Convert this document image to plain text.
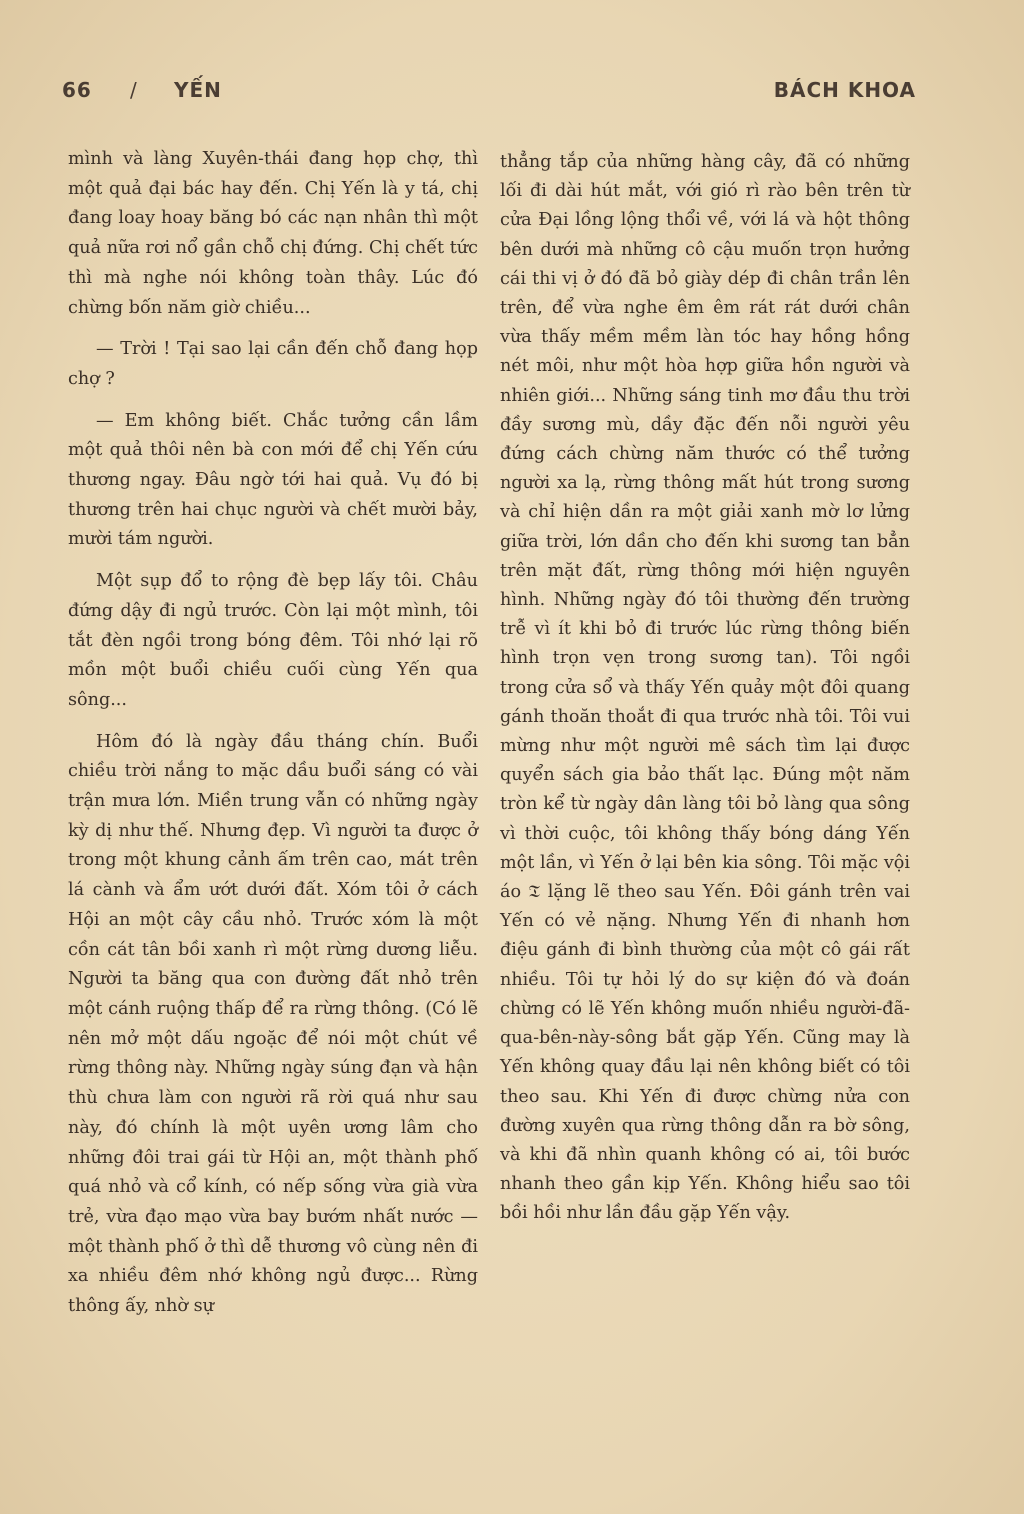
66 / YẾN	BÁCH KHOA

mình và làng Xuyên-thái đang họp chợ, thì một quả đại bác hay đến. Chị Yến là y tá, chị đang loay hoay băng bó các nạn nhân thì một quả nữa rơi nổ gần chỗ chị đứng. Chị chết tức thì mà nghe nói không toàn thây. Lúc đó chừng bốn năm giờ chiều...

— Trời ! Tại sao lại cần đến chỗ đang họp chợ ?

— Em không biết. Chắc tưởng cần lầm một quả thôi nên bà con mới để chị Yến cứu thương ngay. Đâu ngờ tới hai quả. Vụ đó bị thương trên hai chục người và chết mười bảy, mười tám người.

Một sụp đổ to rộng đè bẹp lấy tôi. Châu đứng dậy đi ngủ trước. Còn lại một mình, tôi tắt đèn ngồi trong bóng đêm. Tôi nhớ lại rõ mồn một buổi chiều cuối cùng Yến qua sông...

Hôm đó là ngày đầu tháng chín. Buổi chiều trời nắng to mặc dầu buổi sáng có vài trận mưa lớn. Miền trung vẫn có những ngày kỳ dị như thế. Nhưng đẹp. Vì người ta được ở trong một khung cảnh ấm trên cao, mát trên lá cành và ẩm ướt dưới đất. Xóm tôi ở cách Hội an một cây cầu nhỏ. Trước xóm là một cồn cát tân bồi xanh rì một rừng dương liễu. Người ta băng qua con đường đất nhỏ trên một cánh ruộng thấp để ra rừng thông. (Có lẽ nên mở một dấu ngoặc để nói một chút về rừng thông này. Những ngày súng đạn và hận thù chưa làm con người rã rời quá như sau này, đó chính là một uyên ương lâm cho những đôi trai gái từ Hội an, một thành phố quá nhỏ và cổ kính, có nếp sống vừa già vừa trẻ, vừa đạo mạo vừa bay bướm nhất nước — một thành phố ở thì dễ thương vô cùng nên đi xa nhiều đêm nhớ không ngủ được... Rừng thông ấy, nhờ sự

thẳng tắp của những hàng cây, đã có những lối đi dài hút mắt, với gió rì rào bên trên từ cửa Đại lồng lộng thổi về, với lá và hột thông bên dưới mà những cô cậu muốn trọn hưởng cái thi vị ở đó đã bỏ giày dép đi chân trần lên trên, để vừa nghe êm êm rát rát dưới chân vừa thấy mềm mềm làn tóc hay hồng hồng nét môi, như một hòa hợp giữa hồn người và nhiên giới... Những sáng tinh mơ đầu thu trời đầy sương mù, dầy đặc đến nỗi người yêu đứng cách chừng năm thước có thể tưởng người xa lạ, rừng thông mất hút trong sương và chỉ hiện dần ra một giải xanh mờ lơ lửng giữa trời, lớn dần cho đến khi sương tan bẳn trên mặt đất, rừng thông mới hiện nguyên hình. Những ngày đó tôi thường đến trường trễ vì ít khi bỏ đi trước lúc rừng thông biến hình trọn vẹn trong sương tan). Tôi ngồi trong cửa sổ và thấy Yến quảy một đôi quang gánh thoăn thoắt đi qua trước nhà tôi. Tôi vui mừng như một người mê sách tìm lại được quyển sách gia bảo thất lạc. Đúng một năm tròn kể từ ngày dân làng tôi bỏ làng qua sông vì thời cuộc, tôi không thấy bóng dáng Yến một lần, vì Yến ở lại bên kia sông. Tôi mặc vội áo 𝔗 lặng lẽ theo sau Yến. Đôi gánh trên vai Yến có vẻ nặng. Nhưng Yến đi nhanh hơn điệu gánh đi bình thường của một cô gái rất nhiều. Tôi tự hỏi lý do sự kiện đó và đoán chừng có lẽ Yến không muốn nhiều người-đã-qua-bên-này-sông bắt gặp Yến. Cũng may là Yến không quay đầu lại nên không biết có tôi theo sau. Khi Yến đi được chừng nửa con đường xuyên qua rừng thông dẫn ra bờ sông, và khi đã nhìn quanh không có ai, tôi bước nhanh theo gần kịp Yến. Không hiểu sao tôi bồi hồi như lần đầu gặp Yến vậy.
